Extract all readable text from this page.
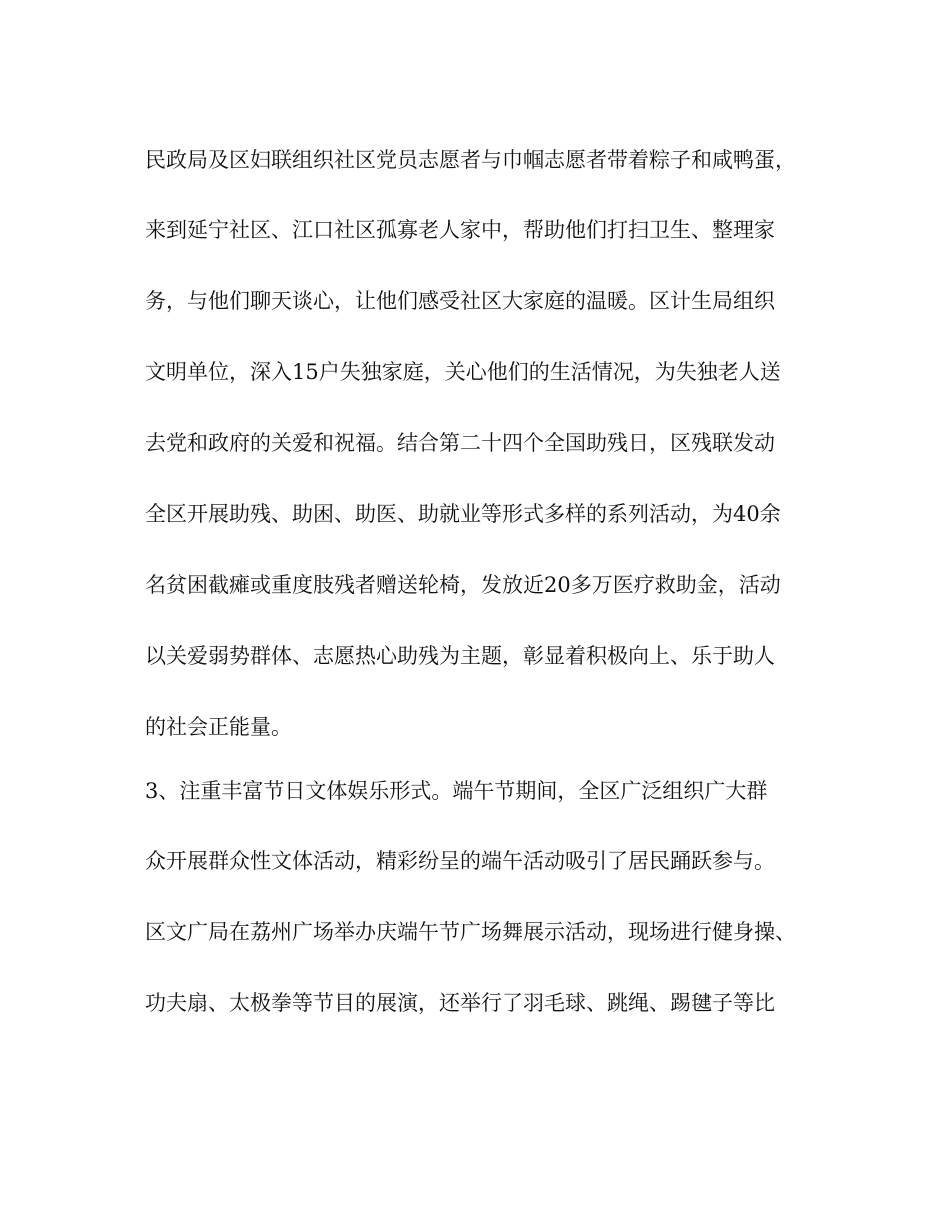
民政局及区妇联组织社区党员志愿者与巾帼志愿者带着粽子和咸鸭蛋，
来到延宁社区、江口社区孤寡老人家中，帮助他们打扫卫生、整理家
务，与他们聊天谈心，让他们感受社区大家庭的温暖。区计生局组织
文明单位，深入15户失独家庭，关心他们的生活情况，为失独老人送
去党和政府的关爱和祝福。结合第二十四个全国助残日，区残联发动
全区开展助残、助困、助医、助就业等形式多样的系列活动，为40余
名贫困截瘫或重度肢残者赠送轮椅，发放近20多万医疗救助金，活动
以关爱弱势群体、志愿热心助残为主题，彰显着积极向上、乐于助人
的社会正能量。
3、注重丰富节日文体娱乐形式。端午节期间，全区广泛组织广大群
众开展群众性文体活动，精彩纷呈的端午活动吸引了居民踊跃参与。
区文广局在荔州广场举办庆端午节广场舞展示活动，现场进行健身操、
功夫扇、太极拳等节目的展演，还举行了羽毛球、跳绳、踢毽子等比
